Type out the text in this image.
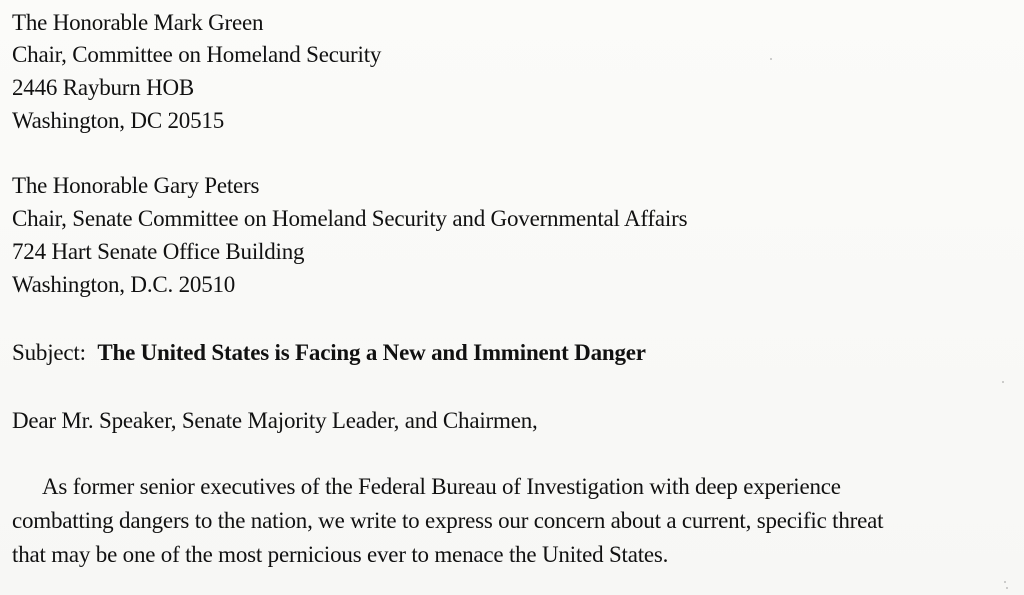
The Honorable Mark Green
Chair, Committee on Homeland Security
2446 Rayburn HOB
Washington, DC 20515
The Honorable Gary Peters
Chair, Senate Committee on Homeland Security and Governmental Affairs
724 Hart Senate Office Building
Washington, D.C. 20510
Subject: The United States is Facing a New and Imminent Danger
Dear Mr. Speaker, Senate Majority Leader, and Chairmen,
As former senior executives of the Federal Bureau of Investigation with deep experience
combatting dangers to the nation, we write to express our concern about a current, specific threat
that may be one of the most pernicious ever to menace the United States.
